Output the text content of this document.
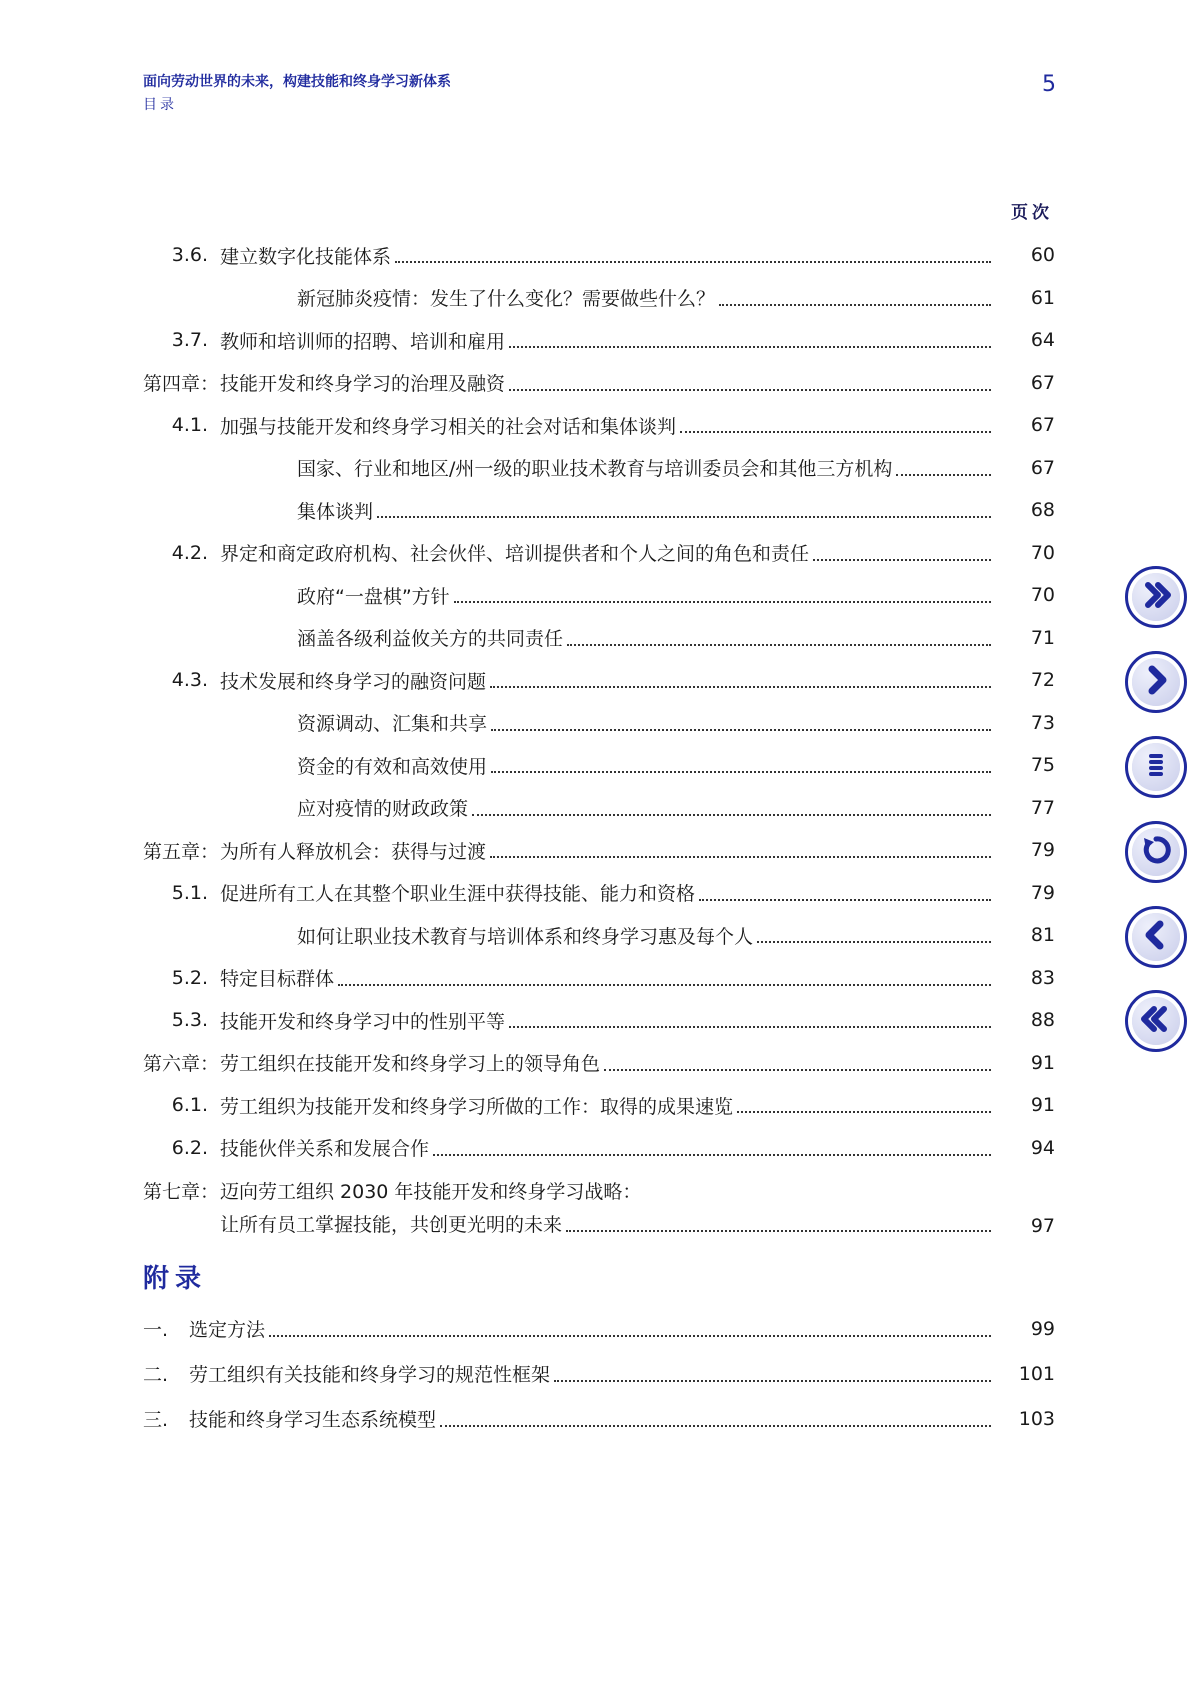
面向劳动世界的未来，构建技能和终身学习新体系
目录
5
页次
3.6. 建立数字化技能体系	60
新冠肺炎疫情：发生了什么变化？需要做些什么？	61
3.7. 教师和培训师的招聘、培训和雇用	64
第四章： 技能开发和终身学习的治理及融资	67
4.1. 加强与技能开发和终身学习相关的社会对话和集体谈判	67
国家、行业和地区/州一级的职业技术教育与培训委员会和其他三方机构	67
集体谈判	68
4.2. 界定和商定政府机构、社会伙伴、培训提供者和个人之间的角色和责任	70
政府“一盘棋”方针	70
涵盖各级利益攸关方的共同责任	71
4.3. 技术发展和终身学习的融资问题	72
资源调动、汇集和共享	73
资金的有效和高效使用	75
应对疫情的财政政策	77
第五章： 为所有人释放机会：获得与过渡	79
5.1. 促进所有工人在其整个职业生涯中获得技能、能力和资格	79
如何让职业技术教育与培训体系和终身学习惠及每个人	81
5.2. 特定目标群体	83
5.3. 技能开发和终身学习中的性别平等	88
第六章： 劳工组织在技能开发和终身学习上的领导角色	91
6.1. 劳工组织为技能开发和终身学习所做的工作：取得的成果速览	91
6.2. 技能伙伴关系和发展合作	94
第七章： 迈向劳工组织 2030 年技能开发和终身学习战略：
让所有员工掌握技能，共创更光明的未来	97
附录
一.	选定方法	99
二.	劳工组织有关技能和终身学习的规范性框架	101
三.	技能和终身学习生态系统模型	103
